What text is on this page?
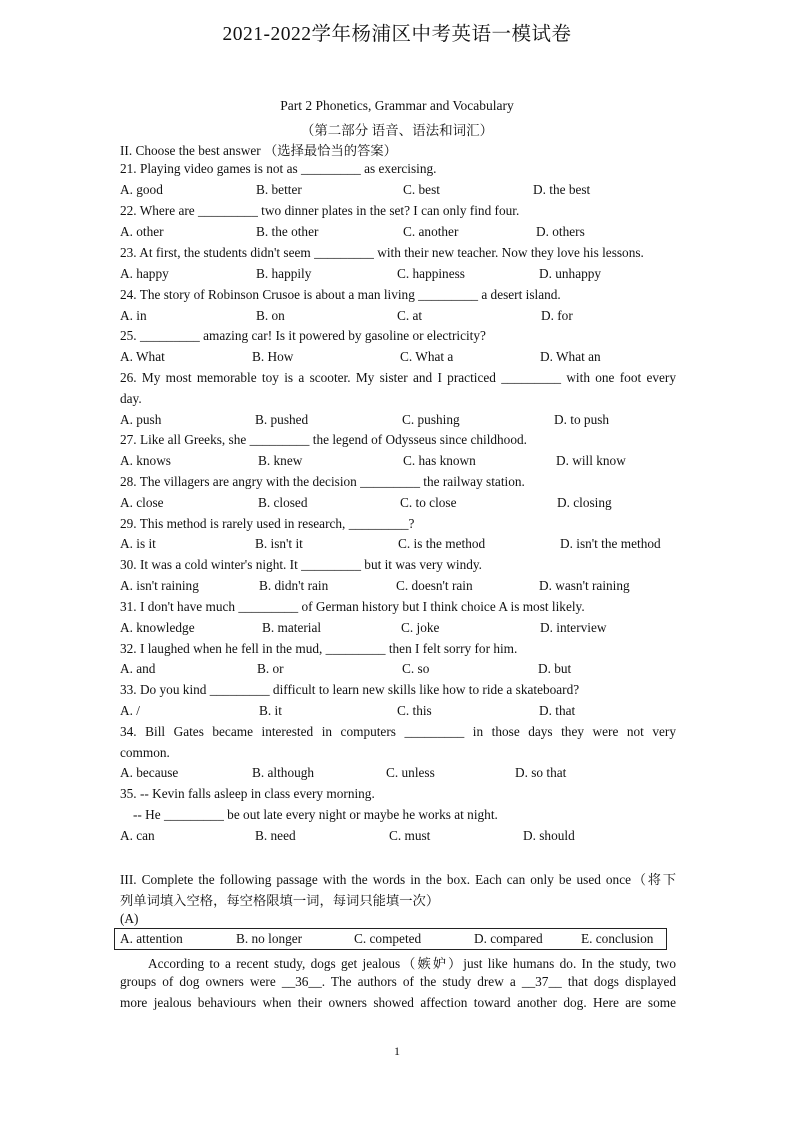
2021-2022学年杨浦区中考英语一模试卷
Part 2 Phonetics, Grammar and Vocabulary
（第二部分 语音、语法和词汇）
II. Choose the best answer （选择最恰当的答案）
21. Playing video games is not as _________ as exercising.
A. good	B. better	C. best	D. the best
22. Where are _________ two dinner plates in the set? I can only find four.
A. other	B. the other	C. another	D. others
23. At first, the students didn't seem _________ with their new teacher. Now they love his lessons.
A. happy	B. happily	C. happiness	D. unhappy
24. The story of Robinson Crusoe is about a man living _________ a desert island.
A. in	B. on	C. at	D. for
25. _________ amazing car! Is it powered by gasoline or electricity?
A. What	B. How	C. What a	D. What an
26. My most memorable toy is a scooter. My sister and I practiced _________ with one foot every
day.
A. push	B. pushed	C. pushing	D. to push
27. Like all Greeks, she _________ the legend of Odysseus since childhood.
A. knows	B. knew	C. has known	D. will know
28. The villagers are angry with the decision _________ the railway station.
A. close	B. closed	C. to close	D. closing
29. This method is rarely used in research, _________?
A. is it	B. isn't it	C. is the method	D. isn't the method
30. It was a cold winter's night. It _________ but it was very windy.
A. isn't raining	B. didn't rain	C. doesn't rain	D. wasn't raining
31. I don't have much _________ of German history but I think choice A is most likely.
A. knowledge	B. material	C. joke	D. interview
32. I laughed when he fell in the mud, _________ then I felt sorry for him.
A. and	B. or	C. so	D. but
33. Do you kind _________ difficult to learn new skills like how to ride a skateboard?
A. /	B. it	C. this	D. that
34. Bill Gates became interested in computers _________ in those days they were not very
common.
A. because	B. although	C. unless	D. so that
35. -- Kevin falls asleep in class every morning.
-- He _________ be out late every night or maybe he works at night.
A. can	B. need	C. must	D. should
III. Complete the following passage with the words in the box. Each can only be used once（将下
列单词填入空格，每空格限填一词，每词只能填一次）
(A)
A. attention	B. no longer	C. competed	D. compared	E. conclusion
According to a recent study, dogs get jealous（嫉妒）just like humans do. In the study, two
groups of dog owners were __36__. The authors of the study drew a __37__ that dogs displayed
more jealous behaviours when their owners showed affection toward another dog. Here are some
1
